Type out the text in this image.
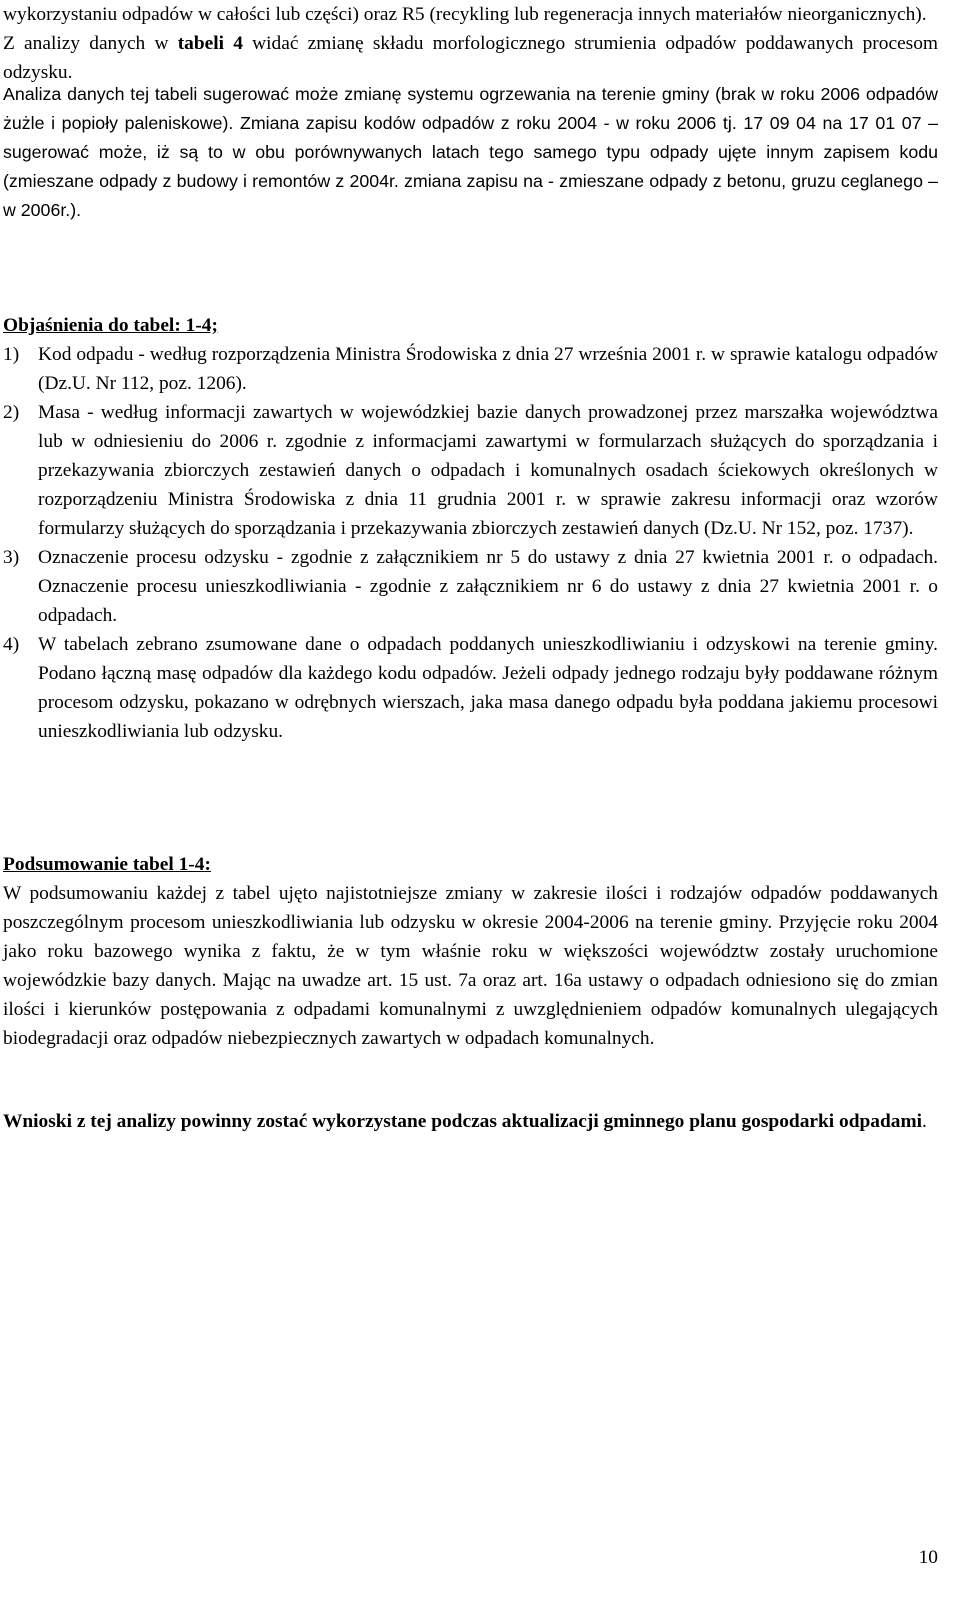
wykorzystaniu odpadów w całości lub części) oraz R5 (recykling lub regeneracja innych materiałów nieorganicznych).
Z analizy danych w tabeli 4 widać zmianę składu morfologicznego strumienia odpadów poddawanych procesom odzysku.

Analiza danych tej tabeli sugerować może zmianę systemu ogrzewania na terenie gminy (brak w roku 2006 odpadów żużle i popioły paleniskowe). Zmiana zapisu kodów odpadów z roku 2004 - w roku 2006 tj. 17 09 04 na 17 01 07 – sugerować może, iż są to w obu porównywanych latach tego samego typu odpady ujęte innym zapisem kodu (zmieszane odpady z budowy i remontów z 2004r. zmiana zapisu na - zmieszane odpady z betonu, gruzu ceglanego – w 2006r.).

Objaśnienia do tabel: 1-4;

1) Kod odpadu - według rozporządzenia Ministra Środowiska z dnia 27 września 2001 r. w sprawie katalogu odpadów (Dz.U. Nr 112, poz. 1206).
2) Masa - według informacji zawartych w wojewódzkiej bazie danych prowadzonej przez marszałka województwa lub w odniesieniu do 2006 r. zgodnie z informacjami zawartymi w formularzach służących do sporządzania i przekazywania zbiorczych zestawień danych o odpadach i komunalnych osadach ściekowych określonych w rozporządzeniu Ministra Środowiska z dnia 11 grudnia 2001 r. w sprawie zakresu informacji oraz wzorów formularzy służących do sporządzania i przekazywania zbiorczych zestawień danych (Dz.U. Nr 152, poz. 1737).
3) Oznaczenie procesu odzysku - zgodnie z załącznikiem nr 5 do ustawy z dnia 27 kwietnia 2001 r. o odpadach. Oznaczenie procesu unieszkodliwiania - zgodnie z załącznikiem nr 6 do ustawy z dnia 27 kwietnia 2001 r. o odpadach.
4) W tabelach zebrano zsumowane dane o odpadach poddanych unieszkodliwianiu i odzyskowi na terenie gminy. Podano łączną masę odpadów dla każdego kodu odpadów. Jeżeli odpady jednego rodzaju były poddawane różnym procesom odzysku, pokazano w odrębnych wierszach, jaka masa danego odpadu była poddana jakiemu procesowi unieszkodliwiania lub odzysku.

Podsumowanie tabel 1-4:

W podsumowaniu każdej z tabel ujęto najistotniejsze zmiany w zakresie ilości i rodzajów odpadów poddawanych poszczególnym procesom unieszkodliwiania lub odzysku w okresie 2004-2006 na terenie gminy. Przyjęcie roku 2004 jako roku bazowego wynika z faktu, że w tym właśnie roku w większości województw zostały uruchomione wojewódzkie bazy danych. Mając na uwadze art. 15 ust. 7a oraz art. 16a ustawy o odpadach odniesiono się do zmian ilości i kierunków postępowania z odpadami komunalnymi z uwzględnieniem odpadów komunalnych ulegających biodegradacji oraz odpadów niebezpiecznych zawartych w odpadach komunalnych.

Wnioski z tej analizy powinny zostać wykorzystane podczas aktualizacji gminnego planu gospodarki odpadami.

10
